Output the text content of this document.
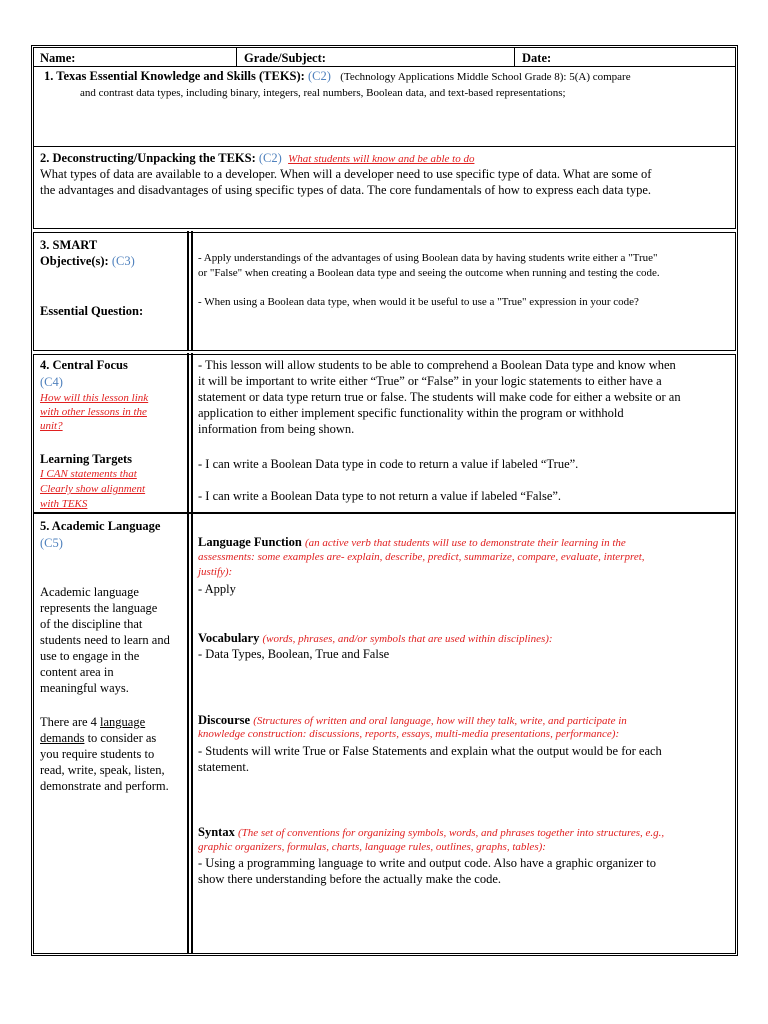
Name:	Grade/Subject:	Date:
1. Texas Essential Knowledge and Skills (TEKS): (C2) (Technology Applications Middle School Grade 8): 5(A) compare
and contrast data types, including binary, integers, real numbers, Boolean data, and text-based representations;
2. Deconstructing/Unpacking the TEKS: (C2) What students will know and be able to do
What types of data are available to a developer. When will a developer need to use specific type of data. What are some of
the advantages and disadvantages of using specific types of data. The core fundamentals of how to express each data type.
3. SMART
Objective(s): (C3)
Essential Question:
- Apply understandings of the advantages of using Boolean data by having students write either a "True"
or "False" when creating a Boolean data type and seeing the outcome when running and testing the code.
- When using a Boolean data type, when would it be useful to use a "True" expression in your code?
4. Central Focus
(C4)
How will this lesson link
with other lessons in the
unit?
Learning Targets
I CAN statements that
Clearly show alignment
with TEKS
- This lesson will allow students to be able to comprehend a Boolean Data type and know when
it will be important to write either “True” or “False” in your logic statements to either have a
statement or data type return true or false. The students will make code for either a website or an
application to either implement specific functionality within the program or withhold
information from being shown.
- I can write a Boolean Data type in code to return a value if labeled “True”.
- I can write a Boolean Data type to not return a value if labeled “False”.
5. Academic Language
(C5)
Academic language
represents the language
of the discipline that
students need to learn and
use to engage in the
content area in
meaningful ways.
There are 4 language
demands to consider as
you require students to
read, write, speak, listen,
demonstrate and perform.
Language Function (an active verb that students will use to demonstrate their learning in the
assessments: some examples are- explain, describe, predict, summarize, compare, evaluate, interpret,
justify):
- Apply
Vocabulary (words, phrases, and/or symbols that are used within disciplines):
- Data Types, Boolean, True and False
Discourse (Structures of written and oral language, how will they talk, write, and participate in
knowledge construction: discussions, reports, essays, multi-media presentations, performance):
- Students will write True or False Statements and explain what the output would be for each
statement.
Syntax (The set of conventions for organizing symbols, words, and phrases together into structures, e.g.,
graphic organizers, formulas, charts, language rules, outlines, graphs, tables):
- Using a programming language to write and output code. Also have a graphic organizer to
show there understanding before the actually make the code.
